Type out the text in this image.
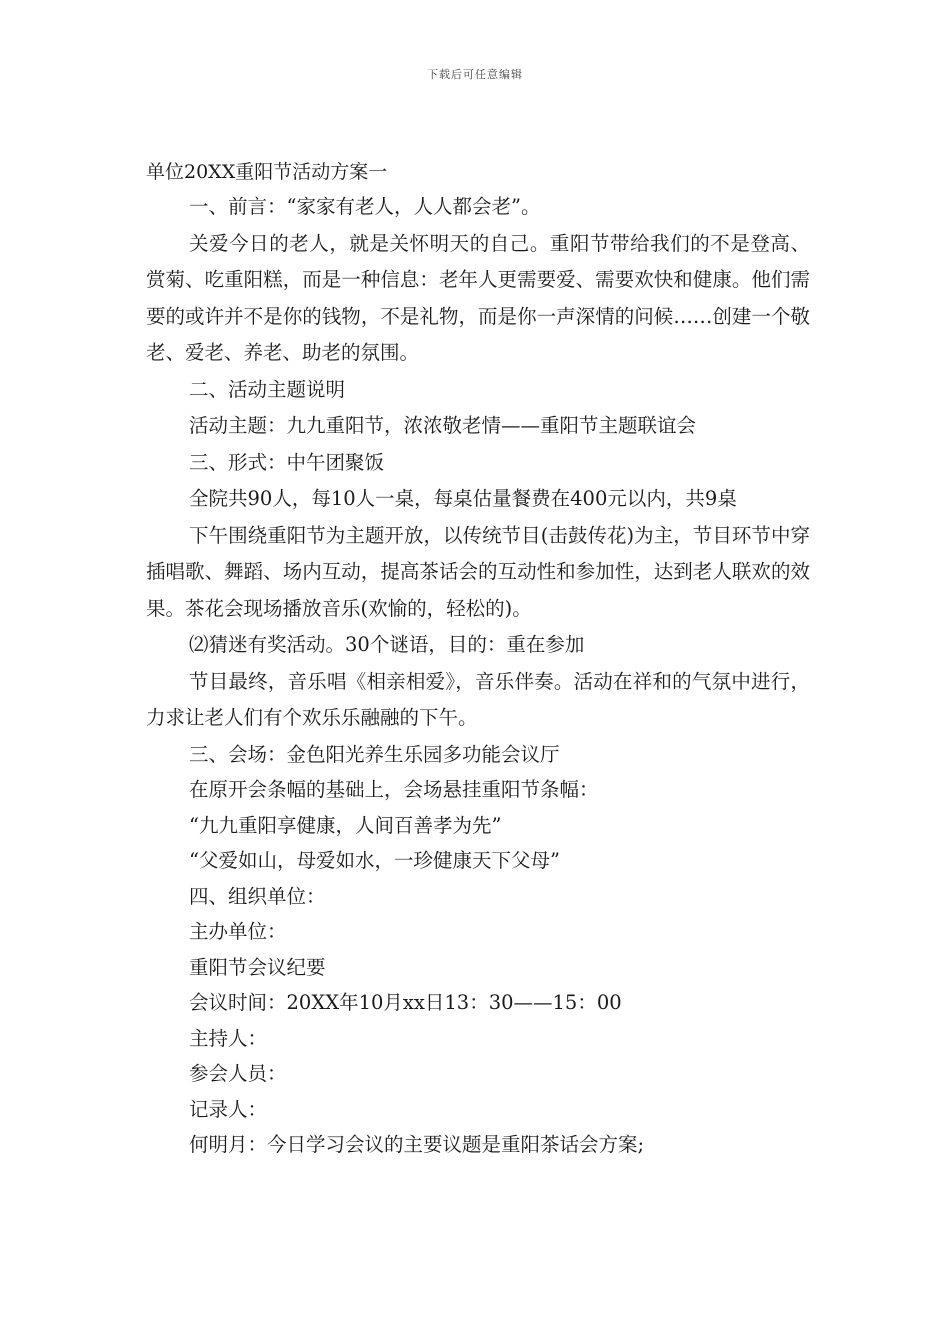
下载后可任意编辑
单位20XX重阳节活动方案一

一、前言：“家家有老人，人人都会老”。

关爱今日的老人，就是关怀明天的自己。重阳节带给我们的不是登高、赏菊、吃重阳糕，而是一种信息：老年人更需要爱、需要欢快和健康。他们需要的或许并不是你的钱物，不是礼物，而是你一声深情的问候……创建一个敬老、爱老、养老、助老的氛围。

二、活动主题说明

活动主题：九九重阳节，浓浓敬老情——重阳节主题联谊会

三、形式：中午团聚饭

全院共90人，每10人一桌，每桌估量餐费在400元以内，共9桌

下午围绕重阳节为主题开放，以传统节目(击鼓传花)为主，节目环节中穿插唱歌、舞蹈、场内互动，提高茶话会的互动性和参加性，达到老人联欢的效果。茶花会现场播放音乐(欢愉的，轻松的)。

⑵猜迷有奖活动。30个谜语，目的：重在参加

节目最终，音乐唱《相亲相爱》，音乐伴奏。活动在祥和的气氛中进行，力求让老人们有个欢乐乐融融的下午。

三、会场：金色阳光养生乐园多功能会议厅

在原开会条幅的基础上，会场悬挂重阳节条幅：

“九九重阳享健康，人间百善孝为先”

“父爱如山，母爱如水，一珍健康天下父母”

四、组织单位：

主办单位：

重阳节会议纪要

会议时间：20XX年10月xx日13：30——15：00

主持人：

参会人员：

记录人：

何明月：今日学习会议的主要议题是重阳茶话会方案;
